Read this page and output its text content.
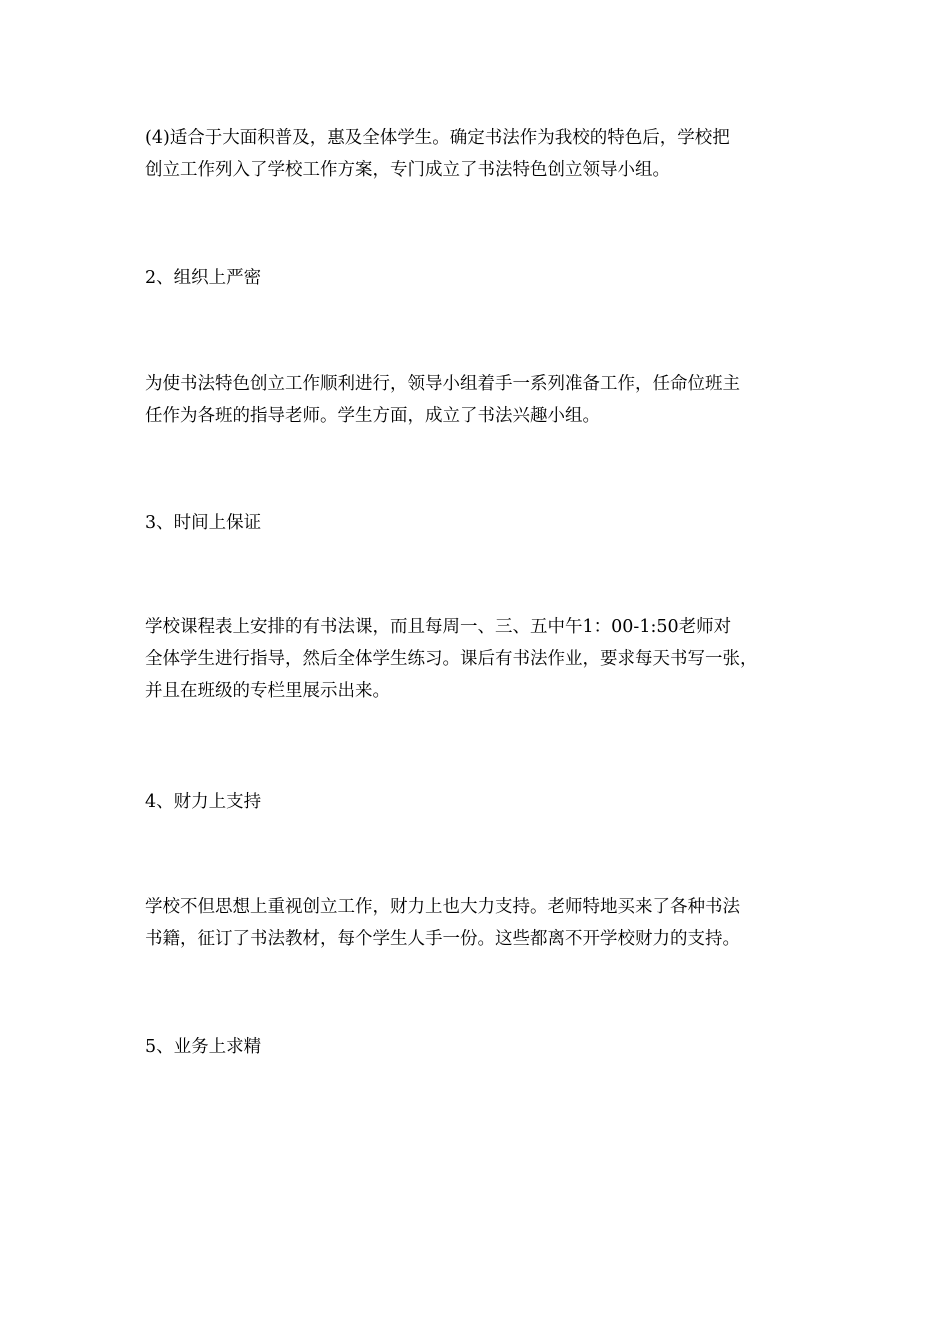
(4)适合于大面积普及，惠及全体学生。确定书法作为我校的特色后，学校把
创立工作列入了学校工作方案，专门成立了书法特色创立领导小组。

2、组织上严密

为使书法特色创立工作顺利进行，领导小组着手一系列准备工作，任命位班主
任作为各班的指导老师。学生方面，成立了书法兴趣小组。

3、时间上保证

学校课程表上安排的有书法课，而且每周一、三、五中午1：00-1:50老师对
全体学生进行指导，然后全体学生练习。课后有书法作业，要求每天书写一张，
并且在班级的专栏里展示出来。

4、财力上支持

学校不但思想上重视创立工作，财力上也大力支持。老师特地买来了各种书法
书籍，征订了书法教材，每个学生人手一份。这些都离不开学校财力的支持。

5、业务上求精
